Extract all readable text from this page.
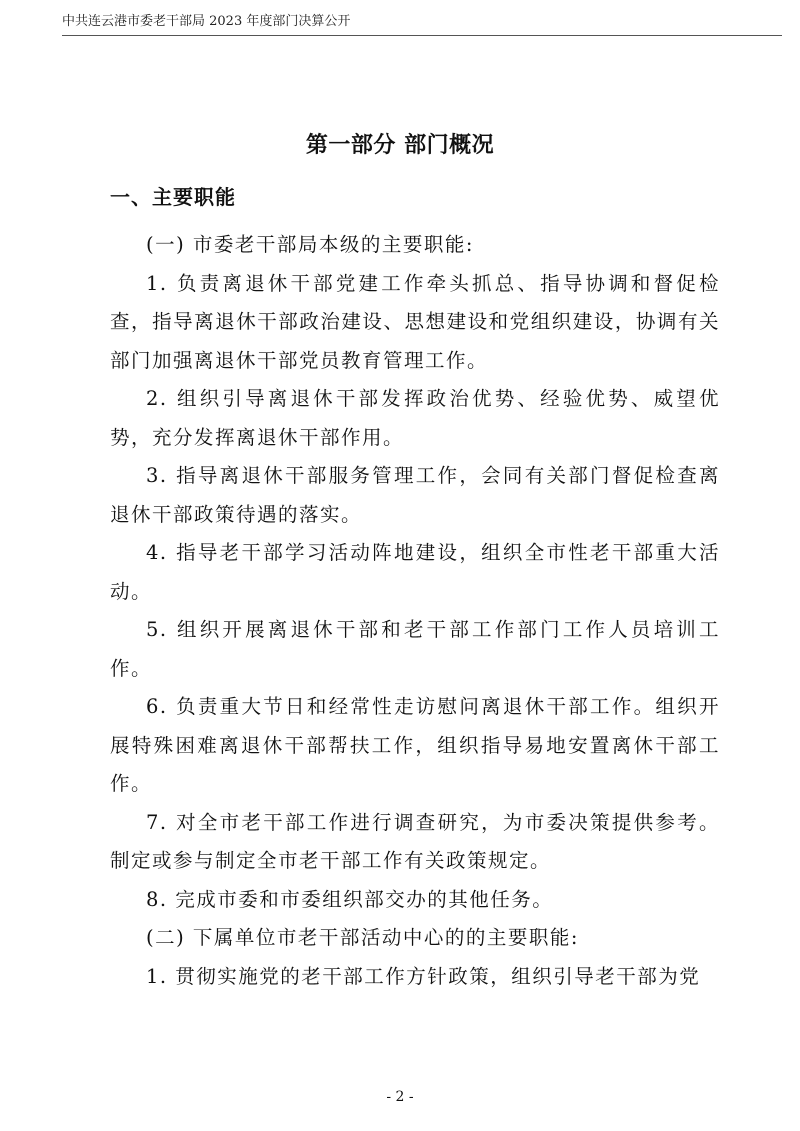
中共连云港市委老干部局 2023 年度部门决算公开
第一部分 部门概况
一、主要职能

(一) 市委老干部局本级的主要职能:

1. 负责离退休干部党建工作牵头抓总、指导协调和督促检查，指导离退休干部政治建设、思想建设和党组织建设，协调有关部门加强离退休干部党员教育管理工作。

2. 组织引导离退休干部发挥政治优势、经验优势、威望优势，充分发挥离退休干部作用。

3. 指导离退休干部服务管理工作，会同有关部门督促检查离退休干部政策待遇的落实。

4. 指导老干部学习活动阵地建设，组织全市性老干部重大活动。

5. 组织开展离退休干部和老干部工作部门工作人员培训工作。

6. 负责重大节日和经常性走访慰问离退休干部工作。组织开展特殊困难离退休干部帮扶工作，组织指导易地安置离休干部工作。

7. 对全市老干部工作进行调查研究，为市委决策提供参考。制定或参与制定全市老干部工作有关政策规定。

8. 完成市委和市委组织部交办的其他任务。

(二) 下属单位市老干部活动中心的的主要职能:

1. 贯彻实施党的老干部工作方针政策，组织引导老干部为党

- 2 -
